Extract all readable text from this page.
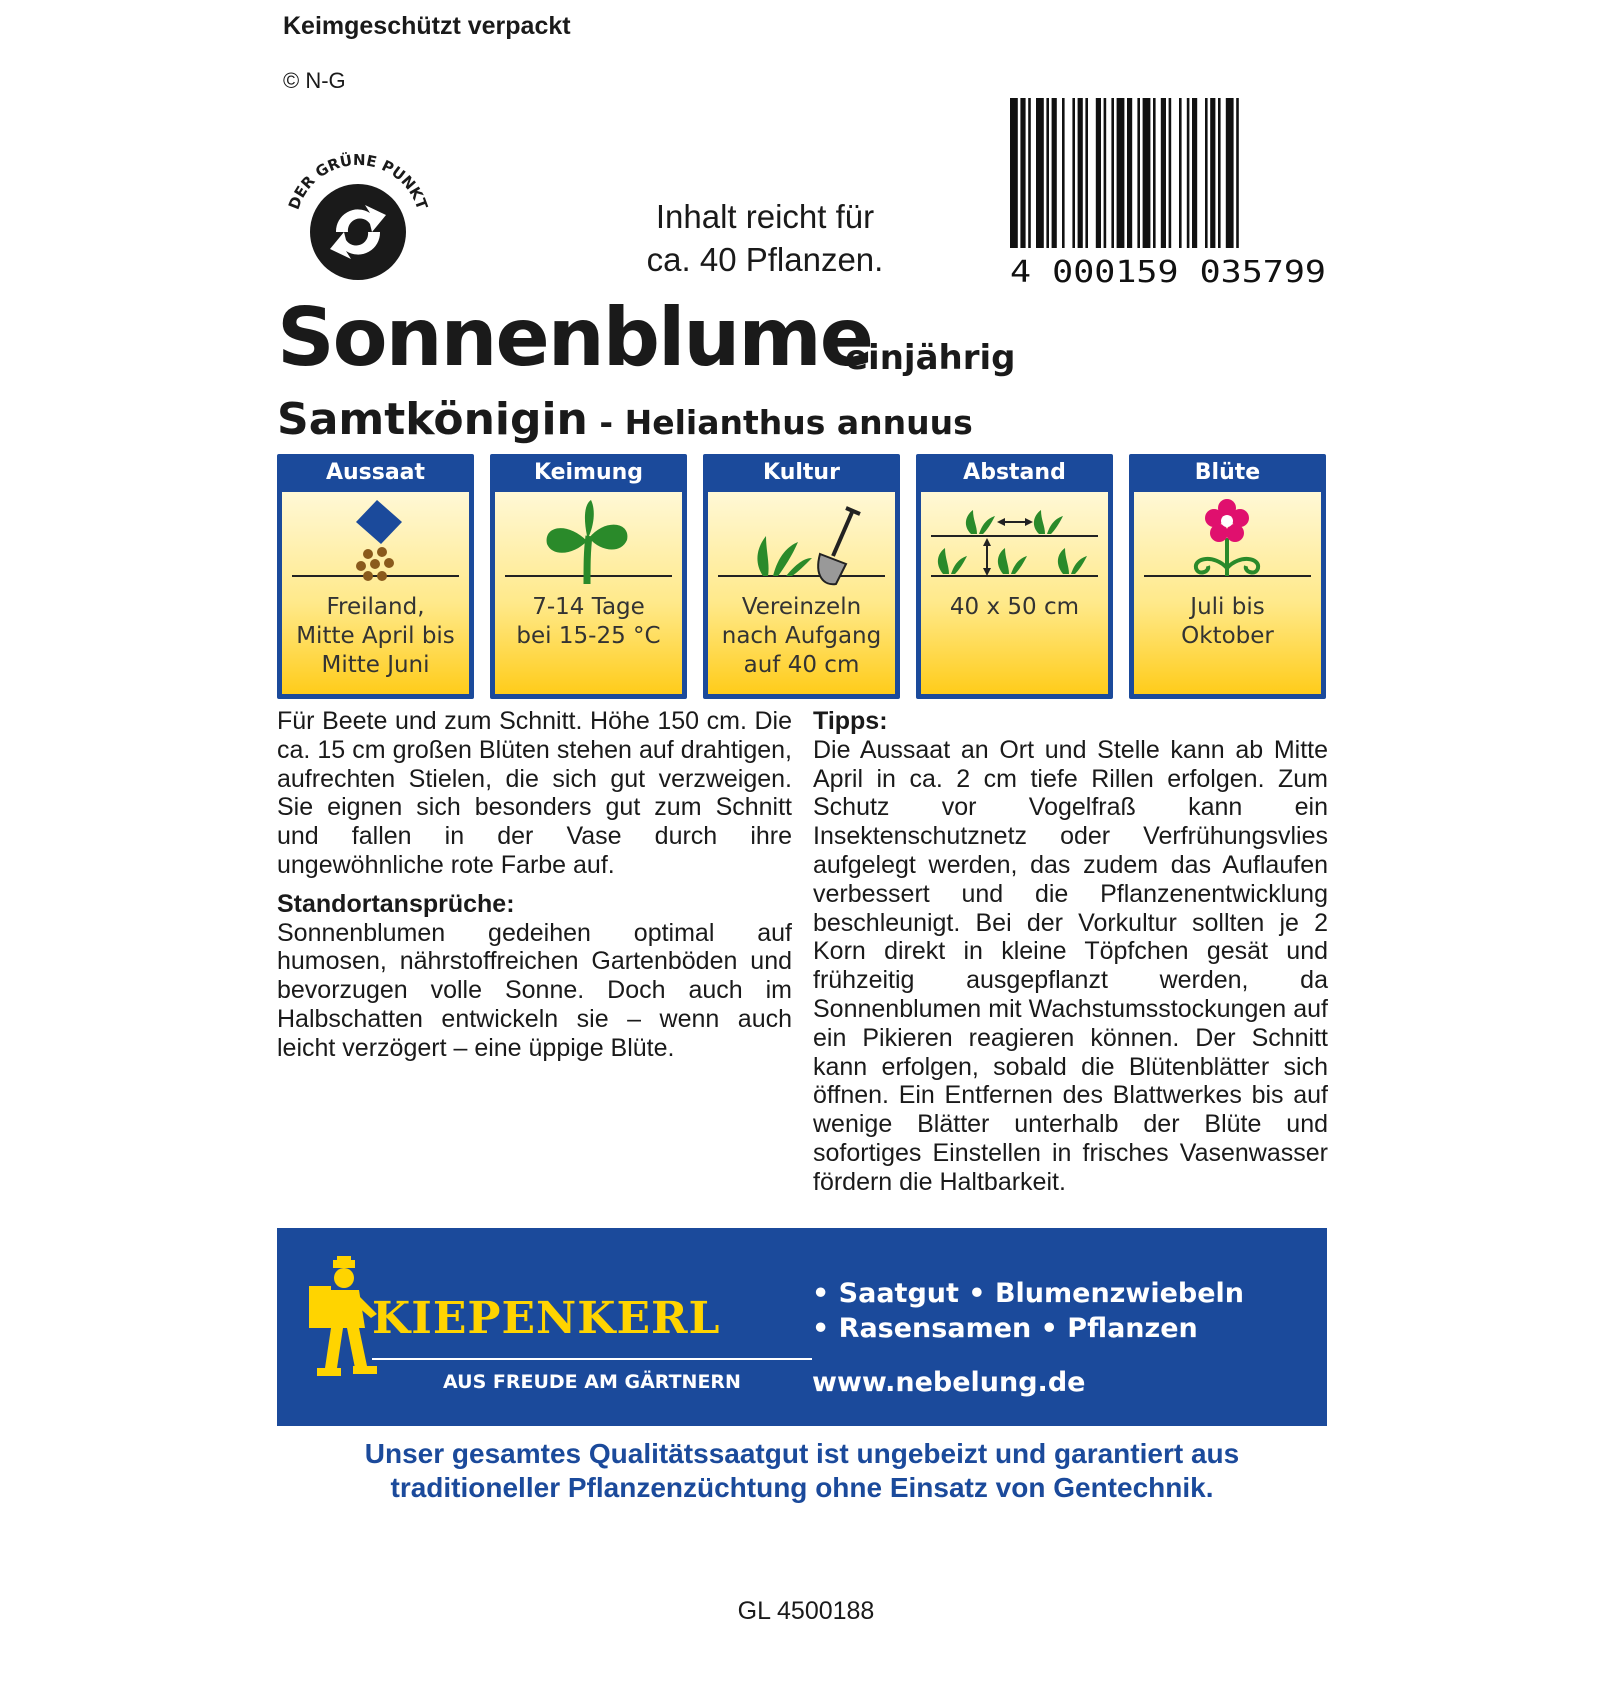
Keimgeschützt verpackt
© N-G
DER GRÜNE PUNKT	Inhalt reicht für
ca. 40 Pflanzen.	4 000159 035799
Sonnenblume
einjährig
Samtkönigin - Helianthus annuus
Aussaat
Freiland,
Mitte April bis
Mitte Juni
Keimung
7-14 Tage
bei 15-25 °C
Kultur
Vereinzeln
nach Aufgang
auf 40 cm
Abstand
40 x 50 cm
Blüte
Juli bis
Oktober

Für Beete und zum Schnitt. Höhe 150 cm. Die ca. 15 cm großen Blüten stehen auf drahtigen, aufrechten Stielen, die sich gut verzweigen. Sie eignen sich besonders gut zum Schnitt und fallen in der Vase durch ihre ungewöhnliche rote Farbe auf.

Standortansprüche:

Sonnenblumen gedeihen optimal auf humosen, nährstoffreichen Gartenböden und bevorzugen volle Sonne. Doch auch im Halbschatten entwickeln sie – wenn auch leicht verzögert – eine üppige Blüte.

Tipps:

Die Aussaat an Ort und Stelle kann ab Mitte April in ca. 2 cm tiefe Rillen erfolgen. Zum Schutz vor Vogelfraß kann ein Insektenschutznetz oder Verfrühungsvlies aufgelegt werden, das zudem das Auflaufen verbessert und die Pflanzenentwicklung beschleunigt. Bei der Vorkultur sollten je 2 Korn direkt in kleine Töpfchen gesät und frühzeitig ausgepflanzt werden, da Sonnenblumen mit Wachstumsstockungen auf ein Pikieren reagieren können. Der Schnitt kann erfolgen, sobald die Blütenblätter sich öffnen. Ein Entfernen des Blattwerkes bis auf wenige Blätter unterhalb der Blüte und sofortiges Einstellen in frisches Vasenwasser fördern die Haltbarkeit.

KIEPENKERL
AUS FREUDE AM GÄRTNERN
• Saatgut • Blumenzwiebeln
• Rasensamen • Pflanzen
www.nebelung.de
Unser gesamtes Qualitätssaatgut ist ungebeizt und garantiert aus
traditioneller Pflanzenzüchtung ohne Einsatz von Gentechnik.
GL 4500188
